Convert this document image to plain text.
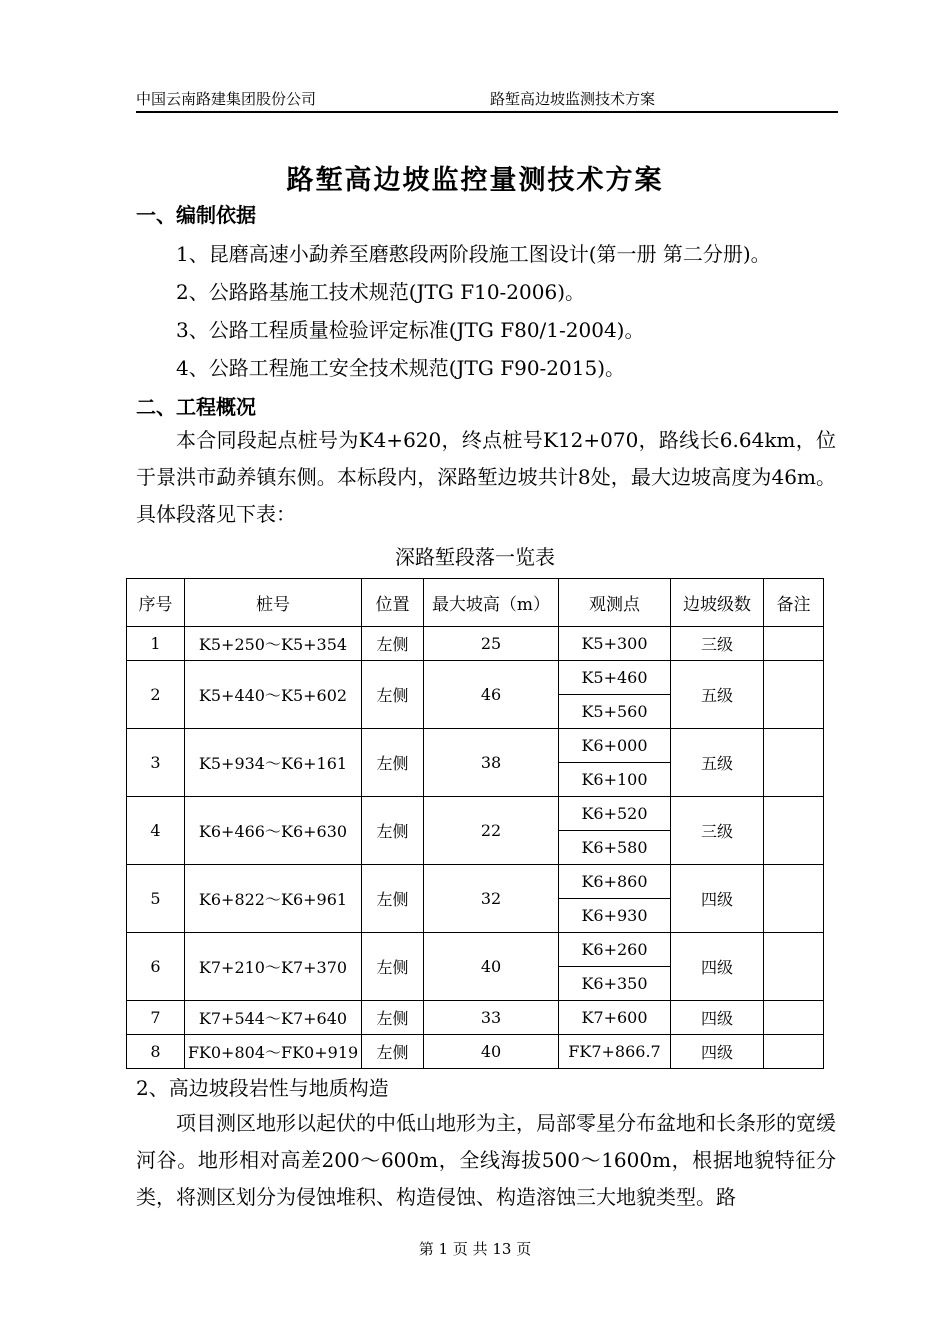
中国云南路建集团股份公司	路堑高边坡监测技术方案
路堑高边坡监控量测技术方案
一、编制依据
1、昆磨高速小勐养至磨憨段两阶段施工图设计(第一册 第二分册)。
2、公路路基施工技术规范(JTG F10-2006)。
3、公路工程质量检验评定标准(JTG F80/1-2004)。
4、公路工程施工安全技术规范(JTG F90-2015)。
二、工程概况
本合同段起点桩号为K4+620，终点桩号K12+070，路线长6.64km，位于景洪市勐养镇东侧。本标段内，深路堑边坡共计8处，最大边坡高度为46m。具体段落见下表：
深路堑段落一览表
序号	桩号	位置	最大坡高（m）	观测点	边坡级数	备注
1	K5+250～K5+354	左侧	25	K5+300	三级	
2	K5+440～K5+602	左侧	46	K5+460	五级	
				K5+560		
3	K5+934～K6+161	左侧	38	K6+000	五级	
				K6+100		
4	K6+466～K6+630	左侧	22	K6+520	三级	
				K6+580		
5	K6+822～K6+961	左侧	32	K6+860	四级	
				K6+930		
6	K7+210～K7+370	左侧	40	K6+260	四级	
				K6+350		
7	K7+544～K7+640	左侧	33	K7+600	四级	
8	FK0+804～FK0+919	左侧	40	FK7+866.7	四级	
2、高边坡段岩性与地质构造
项目测区地形以起伏的中低山地形为主，局部零星分布盆地和长条形的宽缓河谷。地形相对高差200～600m，全线海拔500～1600m，根据地貌特征分类，将测区划分为侵蚀堆积、构造侵蚀、构造溶蚀三大地貌类型。路
第 1 页 共 13 页
